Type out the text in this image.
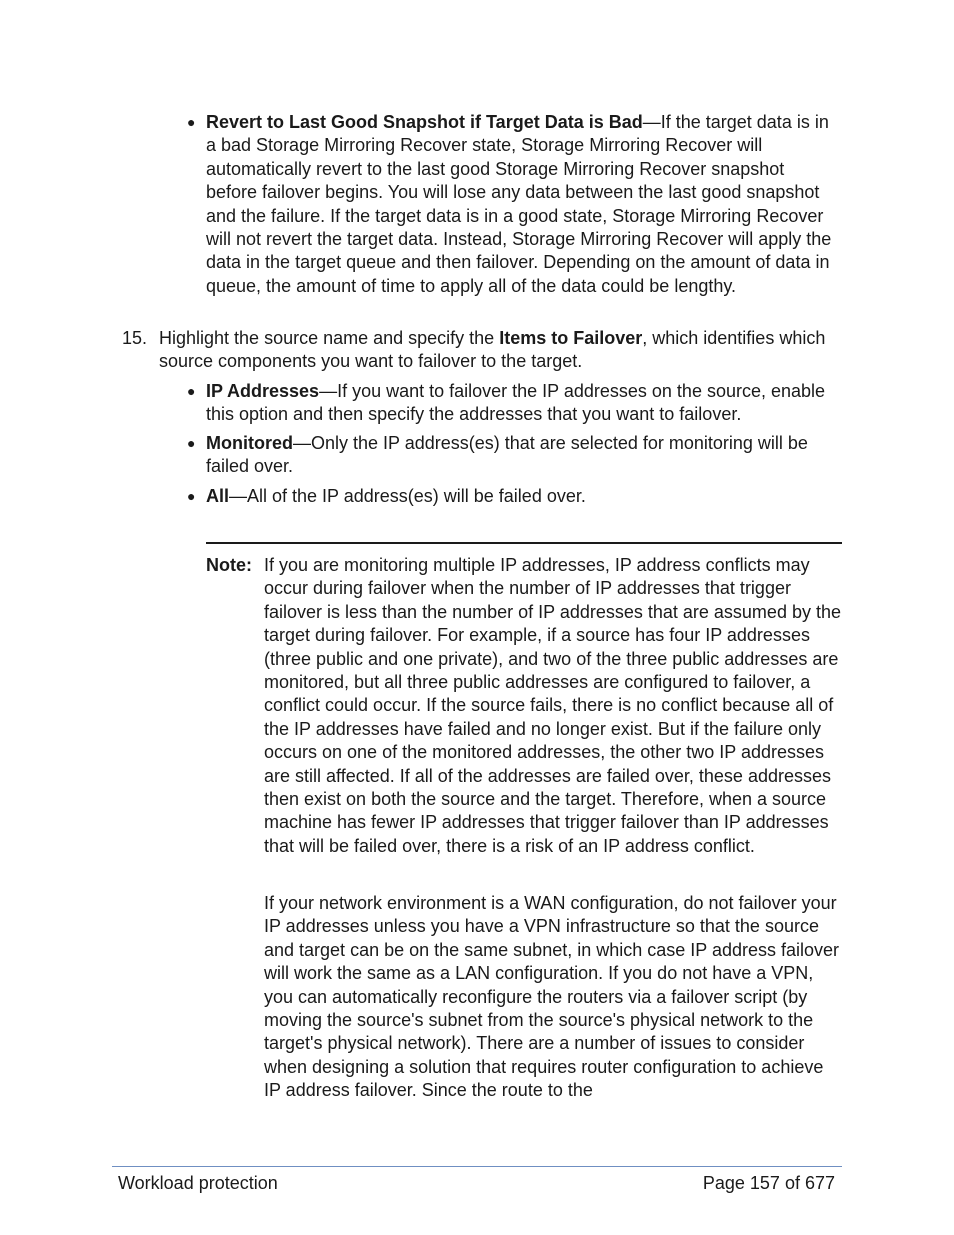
● Revert to Last Good Snapshot if Target Data is Bad—If the target data is in a bad Storage Mirroring Recover state, Storage Mirroring Recover will automatically revert to the last good Storage Mirroring Recover snapshot before failover begins. You will lose any data between the last good snapshot and the failure. If the target data is in a good state, Storage Mirroring Recover will not revert the target data. Instead, Storage Mirroring Recover will apply the data in the target queue and then failover. Depending on the amount of data in queue, the amount of time to apply all of the data could be lengthy.
15. Highlight the source name and specify the Items to Failover, which identifies which source components you want to failover to the target.
● IP Addresses—If you want to failover the IP addresses on the source, enable this option and then specify the addresses that you want to failover.
● Monitored—Only the IP address(es) that are selected for monitoring will be failed over.
● All—All of the IP address(es) will be failed over.
Note: If you are monitoring multiple IP addresses, IP address conflicts may occur during failover when the number of IP addresses that trigger failover is less than the number of IP addresses that are assumed by the target during failover. For example, if a source has four IP addresses (three public and one private), and two of the three public addresses are monitored, but all three public addresses are configured to failover, a conflict could occur. If the source fails, there is no conflict because all of the IP addresses have failed and no longer exist. But if the failure only occurs on one of the monitored addresses, the other two IP addresses are still affected. If all of the addresses are failed over, these addresses then exist on both the source and the target. Therefore, when a source machine has fewer IP addresses that trigger failover than IP addresses that will be failed over, there is a risk of an IP address conflict.
If your network environment is a WAN configuration, do not failover your IP addresses unless you have a VPN infrastructure so that the source and target can be on the same subnet, in which case IP address failover will work the same as a LAN configuration. If you do not have a VPN, you can automatically reconfigure the routers via a failover script (by moving the source's subnet from the source's physical network to the target's physical network). There are a number of issues to consider when designing a solution that requires router configuration to achieve IP address failover. Since the route to the
Workload protection	Page 157 of 677
